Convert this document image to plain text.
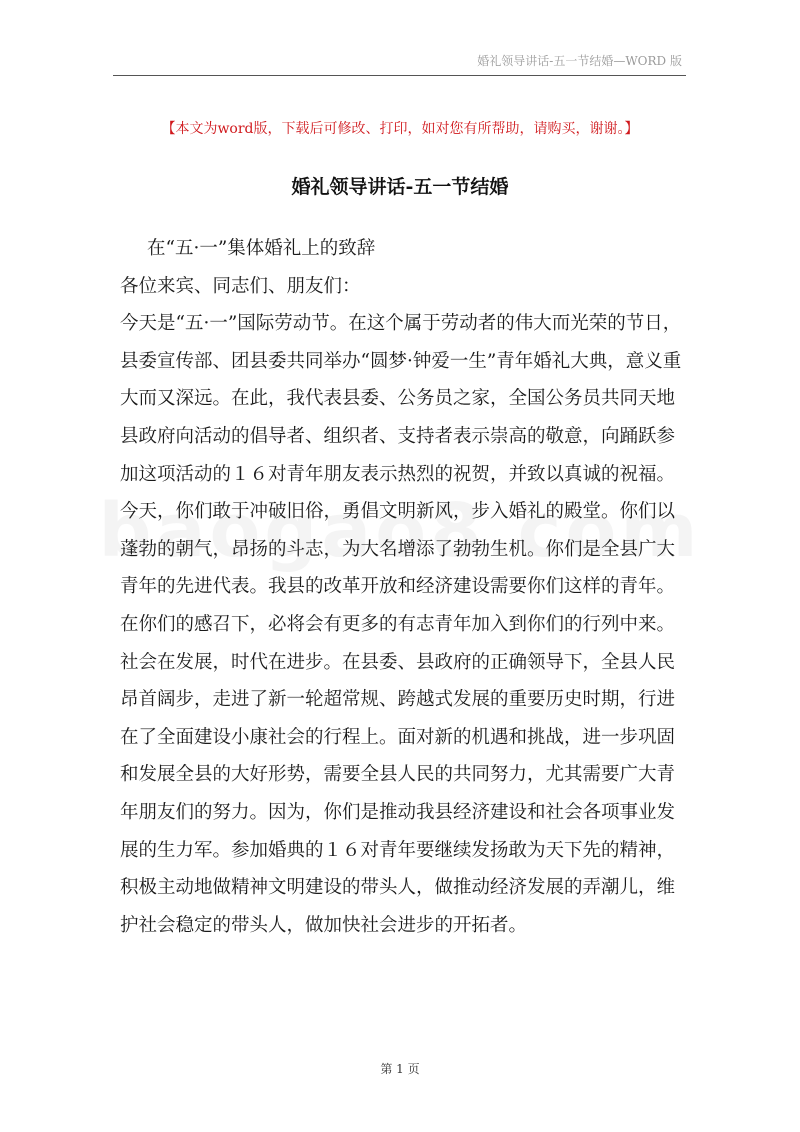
婚礼领导讲话-五一节结婚—WORD 版
【本文为word版，下载后可修改、打印，如对您有所帮助，请购买，谢谢。】
婚礼领导讲话-五一节结婚
在“五·一”集体婚礼上的致辞
各位来宾、同志们、朋友们：
今天是“五·一”国际劳动节。在这个属于劳动者的伟大而光荣的节日，
县委宣传部、团县委共同举办“圆梦·钟爱一生”青年婚礼大典，意义重
大而又深远。在此，我代表县委、公务员之家，全国公务员共同天地
县政府向活动的倡导者、组织者、支持者表示崇高的敬意，向踊跃参
加这项活动的１６对青年朋友表示热烈的祝贺，并致以真诚的祝福。
今天，你们敢于冲破旧俗，勇倡文明新风，步入婚礼的殿堂。你们以
蓬勃的朝气，昂扬的斗志，为大名增添了勃勃生机。你们是全县广大
青年的先进代表。我县的改革开放和经济建设需要你们这样的青年。
在你们的感召下，必将会有更多的有志青年加入到你们的行列中来。
社会在发展，时代在进步。在县委、县政府的正确领导下，全县人民
昂首阔步，走进了新一轮超常规、跨越式发展的重要历史时期，行进
在了全面建设小康社会的行程上。面对新的机遇和挑战，进一步巩固
和发展全县的大好形势，需要全县人民的共同努力，尤其需要广大青
年朋友们的努力。因为，你们是推动我县经济建设和社会各项事业发
展的生力军。参加婚典的１６对青年要继续发扬敢为天下先的精神，
积极主动地做精神文明建设的带头人，做推动经济发展的弄潮儿，维
护社会稳定的带头人，做加快社会进步的开拓者。
第 1 页
